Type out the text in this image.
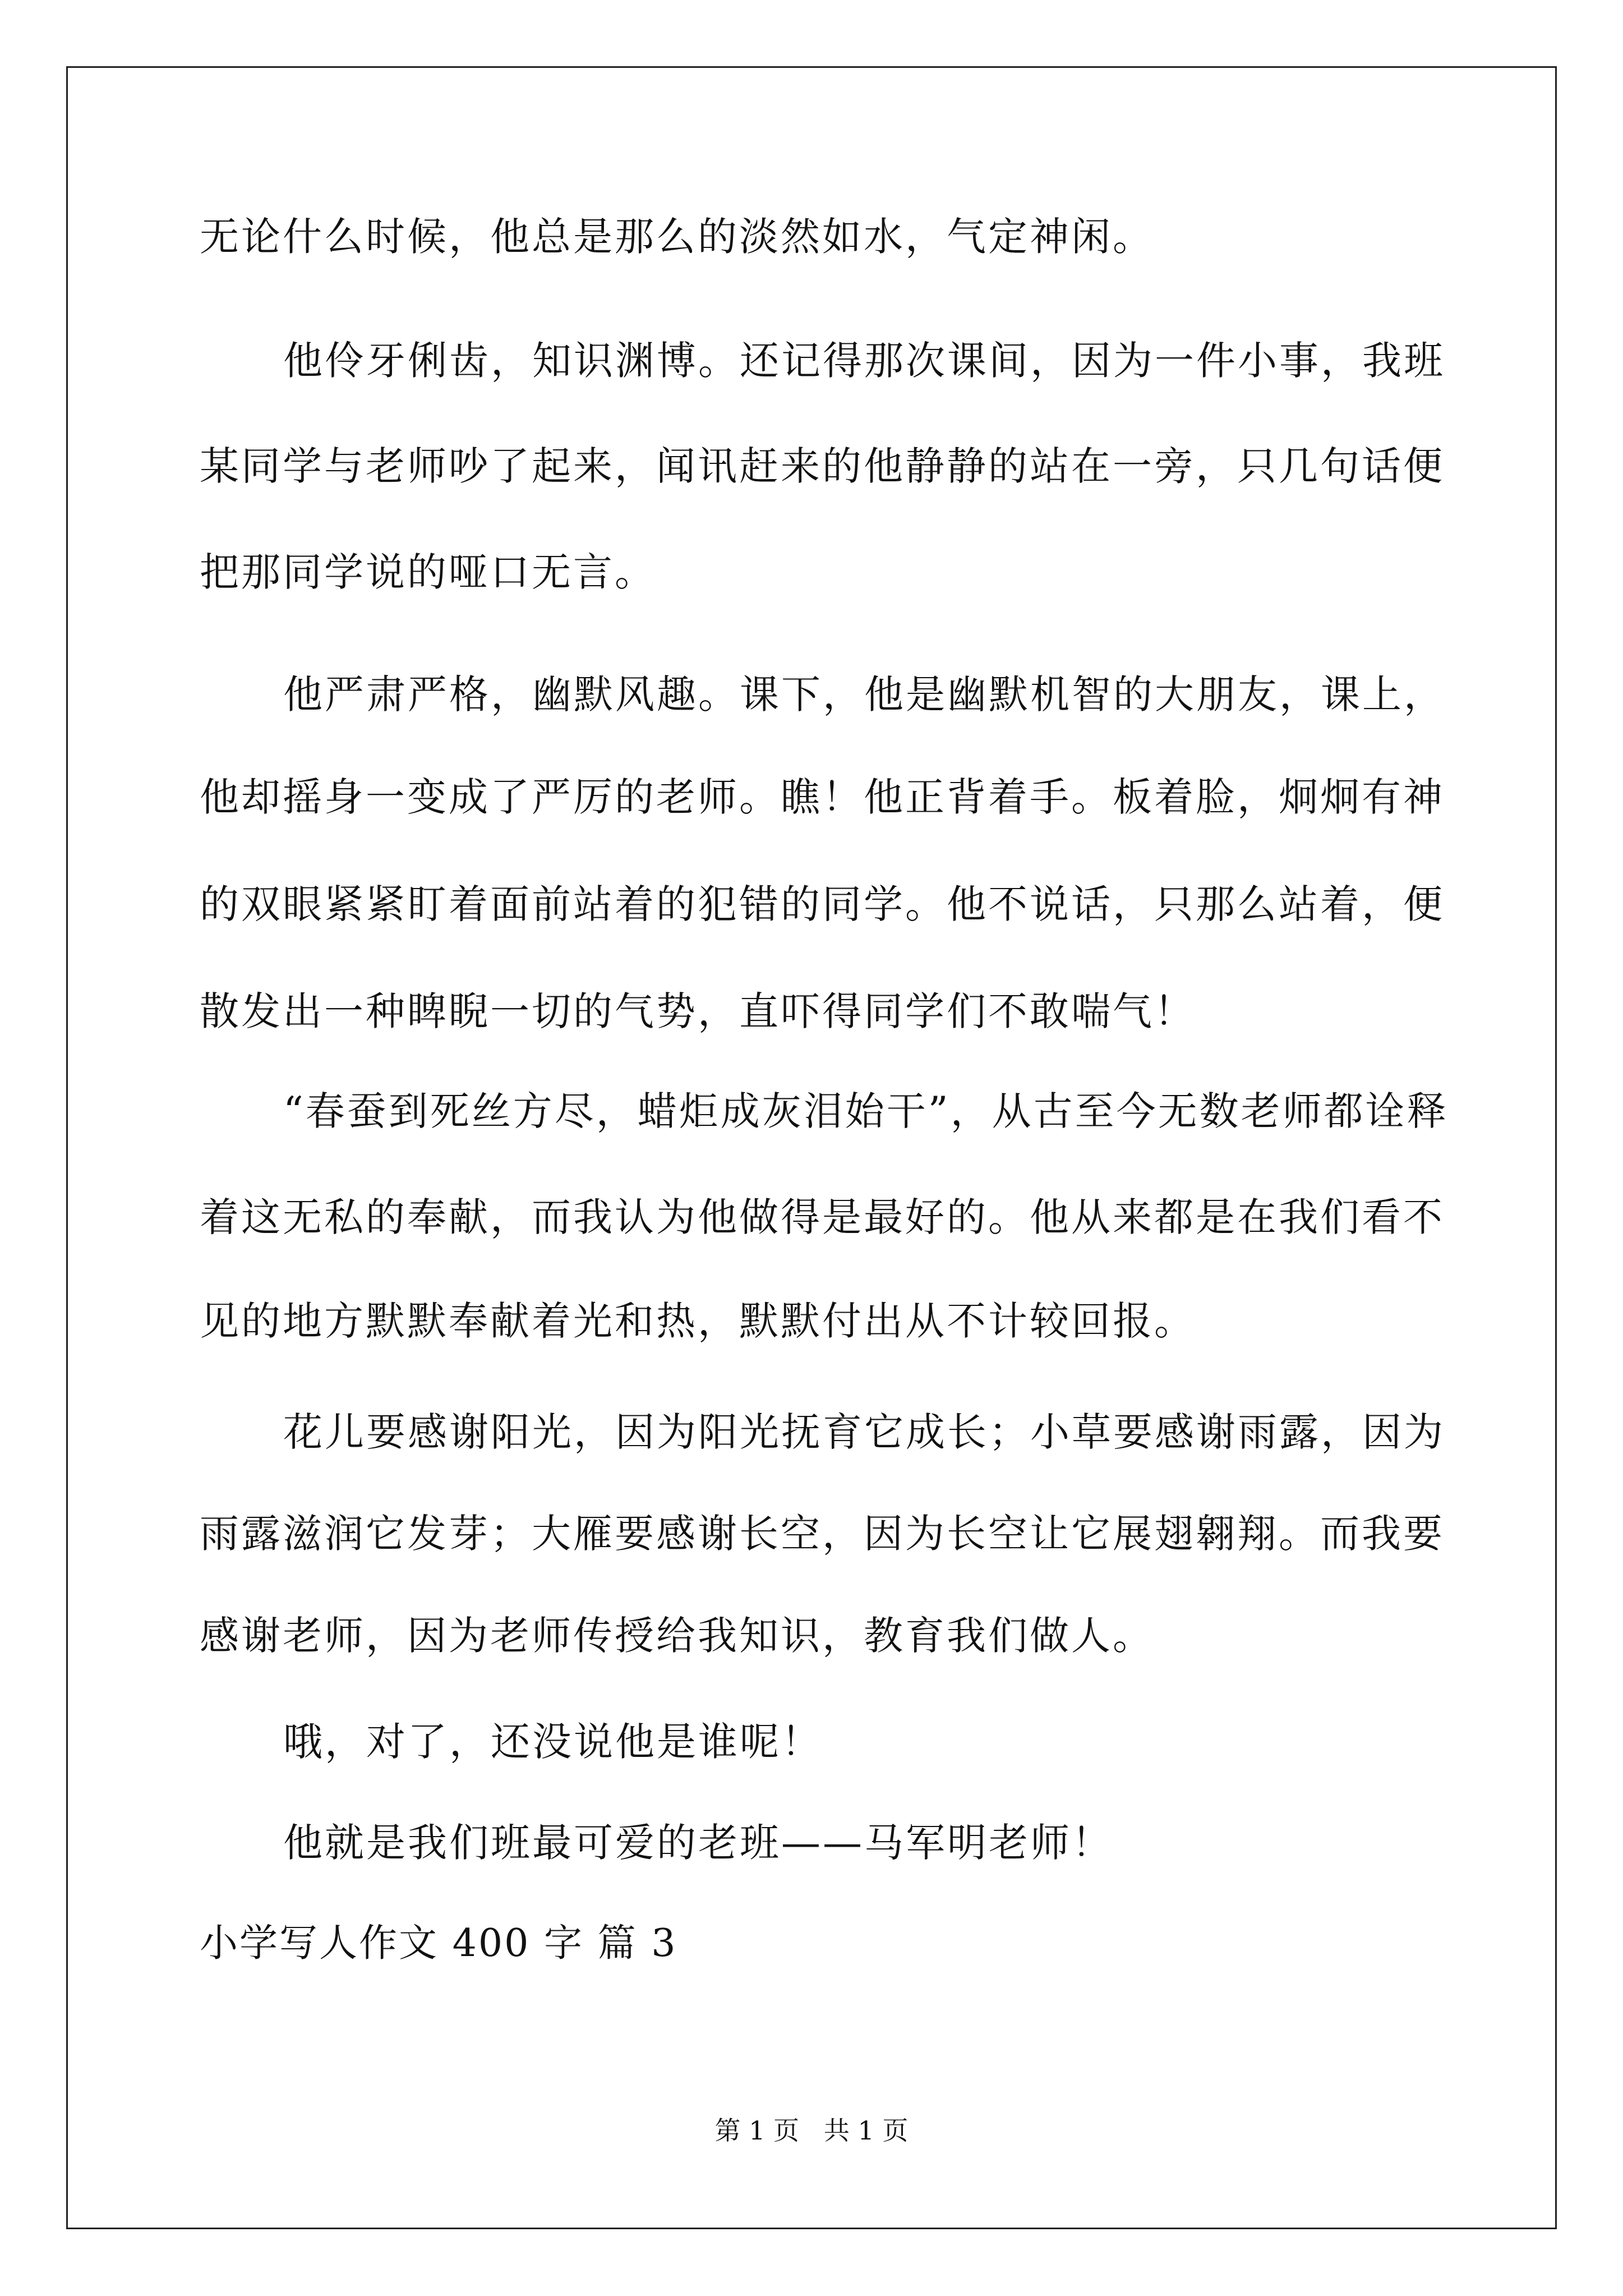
无论什么时候，他总是那么的淡然如水，气定神闲。
他伶牙俐齿，知识渊博。还记得那次课间，因为一件小事，我班
某同学与老师吵了起来，闻讯赶来的他静静的站在一旁，只几句话便
把那同学说的哑口无言。
他严肃严格，幽默风趣。课下，他是幽默机智的大朋友，课上，
他却摇身一变成了严厉的老师。瞧！他正背着手。板着脸，炯炯有神
的双眼紧紧盯着面前站着的犯错的同学。他不说话，只那么站着，便
散发出一种睥睨一切的气势，直吓得同学们不敢喘气！
“春蚕到死丝方尽，蜡炬成灰泪始干”，从古至今无数老师都诠释
着这无私的奉献，而我认为他做得是最好的。他从来都是在我们看不
见的地方默默奉献着光和热，默默付出从不计较回报。
花儿要感谢阳光，因为阳光抚育它成长；小草要感谢雨露，因为
雨露滋润它发芽；大雁要感谢长空，因为长空让它展翅翱翔。而我要
感谢老师，因为老师传授给我知识，教育我们做人。
哦，对了，还没说他是谁呢！
他就是我们班最可爱的老班——马军明老师！
小学写人作文 400 字 篇 3
第 1 页   共 1 页
